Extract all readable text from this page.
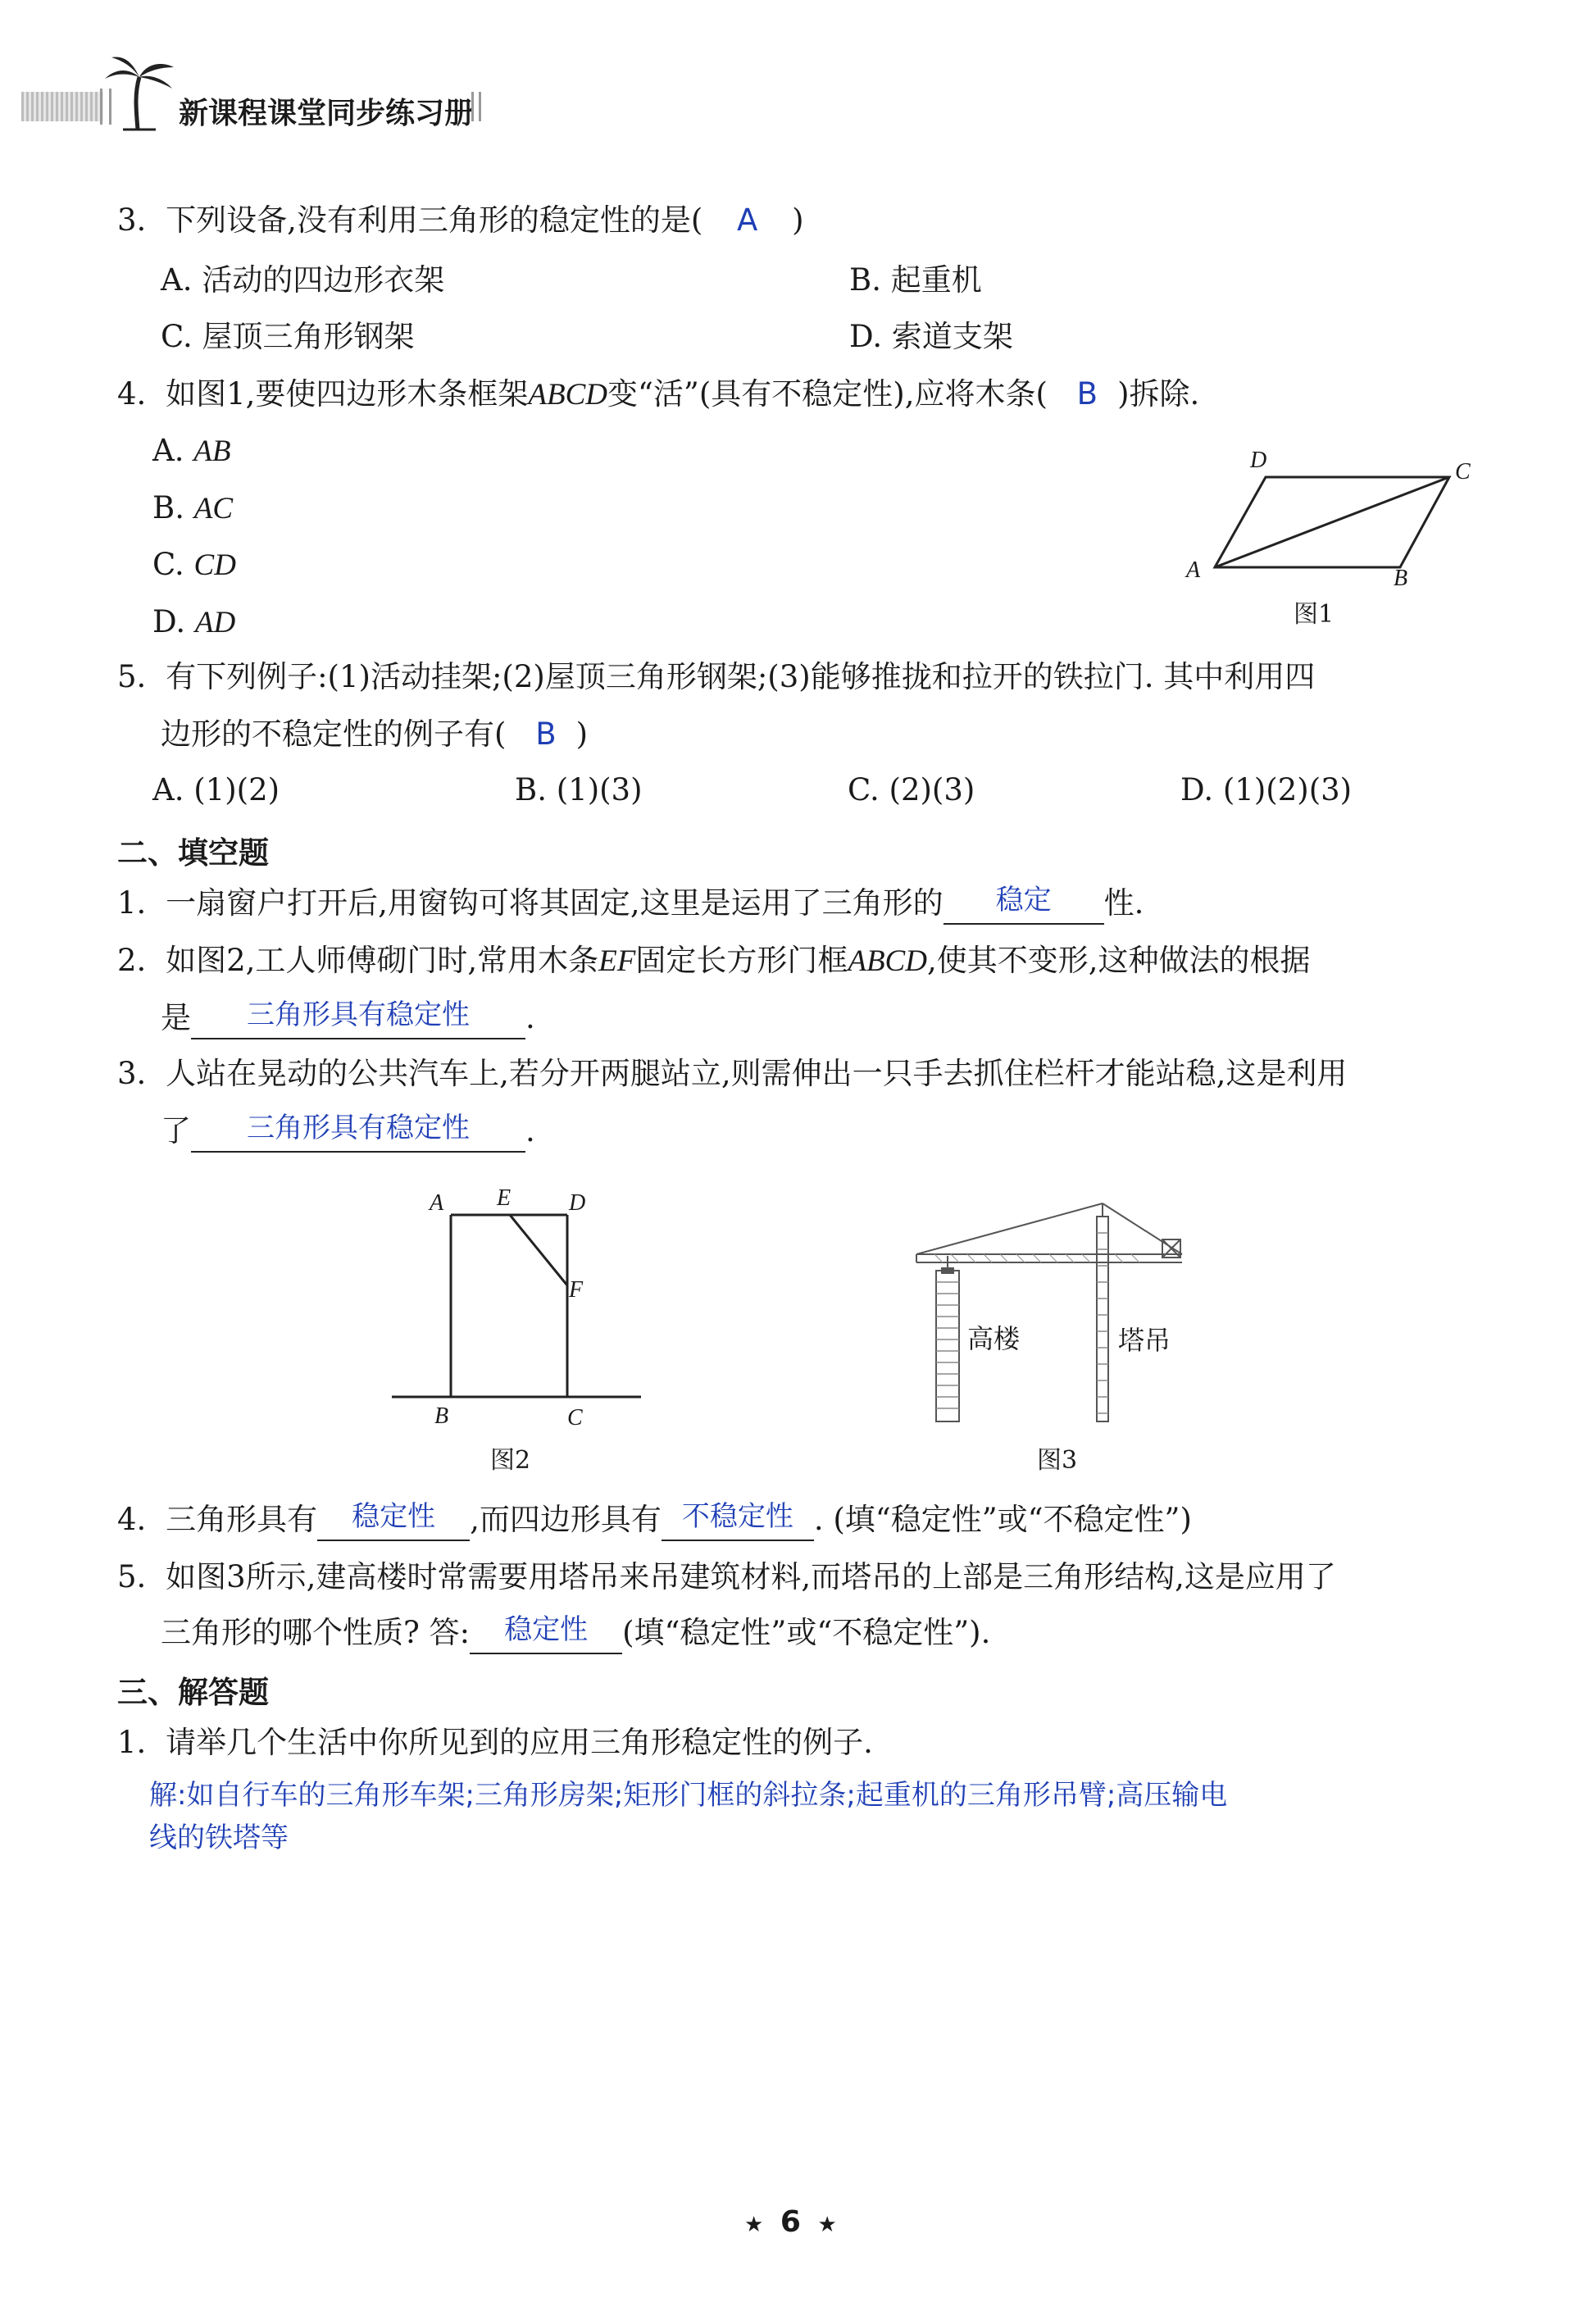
新课程课堂同步练习册
3. 下列设备,没有利用三角形的稳定性的是( A )
A. 活动的四边形衣架	B. 起重机
C. 屋顶三角形钢架	D. 索道支架
4. 如图1,要使四边形木条框架ABCD变“活”(具有不稳定性),应将木条( B )拆除.
A. AB
B. AC
C. CD
D. AD
D	C
A	B
图1
5. 有下列例子:(1)活动挂架;(2)屋顶三角形钢架;(3)能够推拢和拉开的铁拉门. 其中利用四
边形的不稳定性的例子有( B )
A. (1)(2)	B. (1)(3)	C. (2)(3)	D. (1)(2)(3)
二、填空题
1. 一扇窗户打开后,用窗钩可将其固定,这里是运用了三角形的	稳定	性.
2. 如图2,工人师傅砌门时,常用木条EF固定长方形门框ABCD,使其不变形,这种做法的根据
是	三角形具有稳定性	.
3. 人站在晃动的公共汽车上,若分开两腿站立,则需伸出一只手去抓住栏杆才能站稳,这是利用
了	三角形具有稳定性	.
A E	D
F
B	C
图2
高楼	塔吊
图3
4. 三角形具有	稳定性	,而四边形具有 不稳定性 . (填“稳定性”或“不稳定性”)
5. 如图3所示,建高楼时常需要用塔吊来吊建筑材料,而塔吊的上部是三角形结构,这是应用了
三角形的哪个性质? 答:	稳定性	(填“稳定性”或“不稳定性”).
三、解答题
1. 请举几个生活中你所见到的应用三角形稳定性的例子.
解:如自行车的三角形车架;三角形房架;矩形门框的斜拉条;起重机的三角形吊臂;高压输电
线的铁塔等
★ 6 ★
